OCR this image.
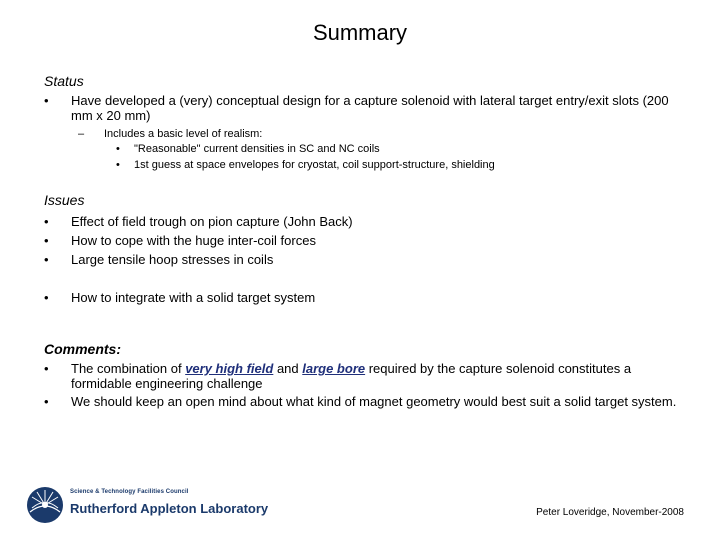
Summary
Status
•	Have developed a (very) conceptual design for a capture solenoid with lateral target entry/exit slots (200 mm x 20 mm)
–	Includes a basic level of realism:
•	"Reasonable" current densities in SC and NC coils
•	1st guess at space envelopes for cryostat, coil support-structure, shielding
Issues
•	Effect of field trough on pion capture (John Back)
•	How to cope with the huge inter-coil forces
•	Large tensile hoop stresses in coils
•	How to integrate with a solid target system
Comments:
•	The combination of very high field and large bore required by the capture solenoid constitutes a formidable engineering challenge
•	We should keep an open mind about what kind of magnet geometry would best suit a solid target system.
Science & Technology Facilities Council
Rutherford Appleton Laboratory	Peter Loveridge, November-2008
